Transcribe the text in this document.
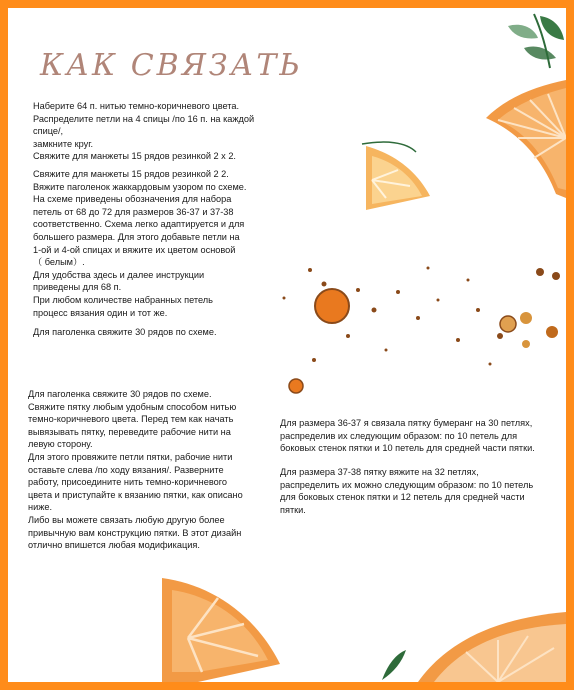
КАК СВЯЗАТЬ

Наберите 64 п. нитью темно-коричневого цвета.

Распределите петли на 4 спицы /по 16 п. на каждой спице/,

замкните круг.

Свяжите для манжеты 15 рядов резинкой 2 х 2.

Свяжите для манжеты 15 рядов резинкой 2 2.

Вяжите паголенок жаккардовым узором по схеме.

На схеме приведены обозначения для набора

петель от 68 до 72 для размеров 36-37 и 37-38

соответственно. Схема легко адаптируется и для

большего размера. Для этого добавьте петли на

1-ой и 4-ой спицах и вяжите их цветом основой

（ белым）.

Для удобства здесь и далее инструкции

приведены для 68 п.

При любом количестве набранных петель

процесс вязания один и тот же.

Для паголенка свяжите 30 рядов по схеме.

Для паголенка свяжите 30 рядов по схеме.

Свяжите пятку любым удобным способом нитью

темно-коричневого цвета. Перед тем как начать

вывязывать пятку, переведите рабочие нити на

левую сторону.

Для этого провяжите петли пятки, рабочие нити

оставьте слева /по ходу вязания/. Разверните

работу, присоедините нить темно-коричневого

цвета и приступайте к вязанию пятки, как описано

ниже.

Либо вы можете связать любую другую более

привычную вам конструкцию пятки. В этот дизайн

отлично впишется любая модификация.

Для размера 36-37 я связала пятку бумеранг на 30 петлях,

распределив их следующим образом: по 10 петель для

боковых стенок пятки и 10 петель для средней части пятки.

Для размера 37-38 пятку вяжите на 32 петлях,

распределить их можно следующим образом: по 10 петель

для боковых стенок пятки и 12 петель для средней части

пятки.
